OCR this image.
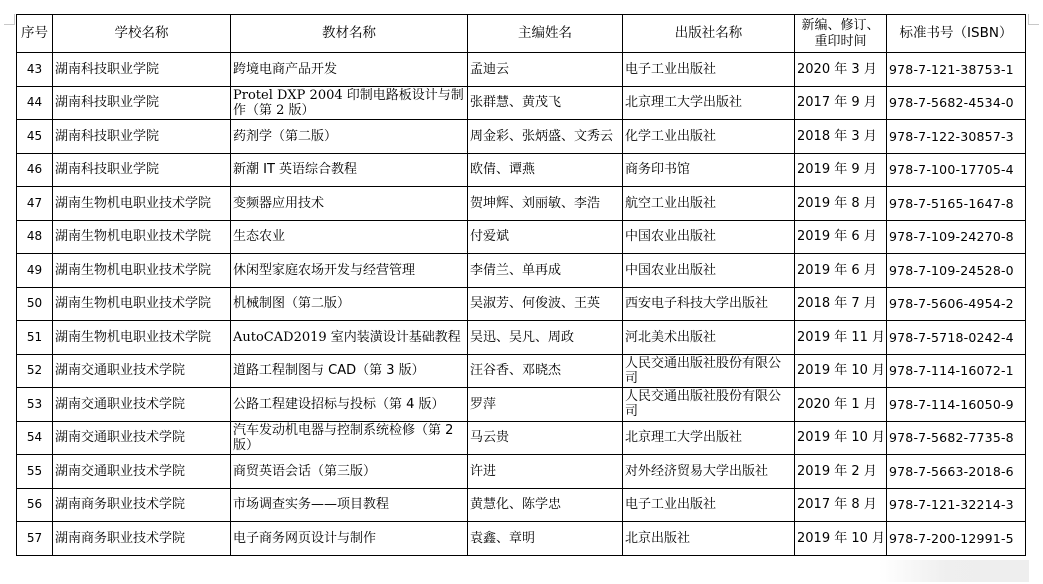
序号	学校名称	教材名称	主编姓名	出版社名称	新编、修订、重印时间	标准书号（ISBN）
43	湖南科技职业学院	跨境电商产品开发	孟迪云	电子工业出版社	2020 年 3 月	978-7-121-38753-1
44	湖南科技职业学院	Protel DXP 2004 印制电路板设计与制作（第 2 版）	张群慧、黄茂飞	北京理工大学出版社	2017 年 9 月	978-7-5682-4534-0
45	湖南科技职业学院	药剂学（第二版）	周金彩、张炳盛、文秀云	化学工业出版社	2018 年 3 月	978-7-122-30857-3
46	湖南科技职业学院	新潮 IT 英语综合教程	欧倩、谭燕	商务印书馆	2019 年 9 月	978-7-100-17705-4
47	湖南生物机电职业技术学院	变频器应用技术	贺坤辉、刘丽敏、李浩	航空工业出版社	2019 年 8 月	978-7-5165-1647-8
48	湖南生物机电职业技术学院	生态农业	付爱斌	中国农业出版社	2019 年 6 月	978-7-109-24270-8
49	湖南生物机电职业技术学院	休闲型家庭农场开发与经营管理	李倩兰、单再成	中国农业出版社	2019 年 6 月	978-7-109-24528-0
50	湖南生物机电职业技术学院	机械制图（第二版）	吴淑芳、何俊波、王英	西安电子科技大学出版社	2018 年 7 月	978-7-5606-4954-2
51	湖南生物机电职业技术学院	AutoCAD2019 室内装潢设计基础教程	吴迅、吴凡、周政	河北美术出版社	2019 年 11 月	978-7-5718-0242-4
52	湖南交通职业技术学院	道路工程制图与 CAD（第 3 版）	汪谷香、邓晓杰	人民交通出版社股份有限公司	2019 年 10 月	978-7-114-16072-1
53	湖南交通职业技术学院	公路工程建设招标与投标（第 4 版）	罗萍	人民交通出版社股份有限公司	2020 年 1 月	978-7-114-16050-9
54	湖南交通职业技术学院	汽车发动机电器与控制系统检修（第 2 版）	马云贵	北京理工大学出版社	2019 年 10 月	978-7-5682-7735-8
55	湖南交通职业技术学院	商贸英语会话（第三版）	许进	对外经济贸易大学出版社	2019 年 2 月	978-7-5663-2018-6
56	湖南商务职业技术学院	市场调查实务——项目教程	黄慧化、陈学忠	电子工业出版社	2017 年 8 月	978-7-121-32214-3
57	湖南商务职业技术学院	电子商务网页设计与制作	袁鑫、章明	北京出版社	2019 年 10 月	978-7-200-12991-5
